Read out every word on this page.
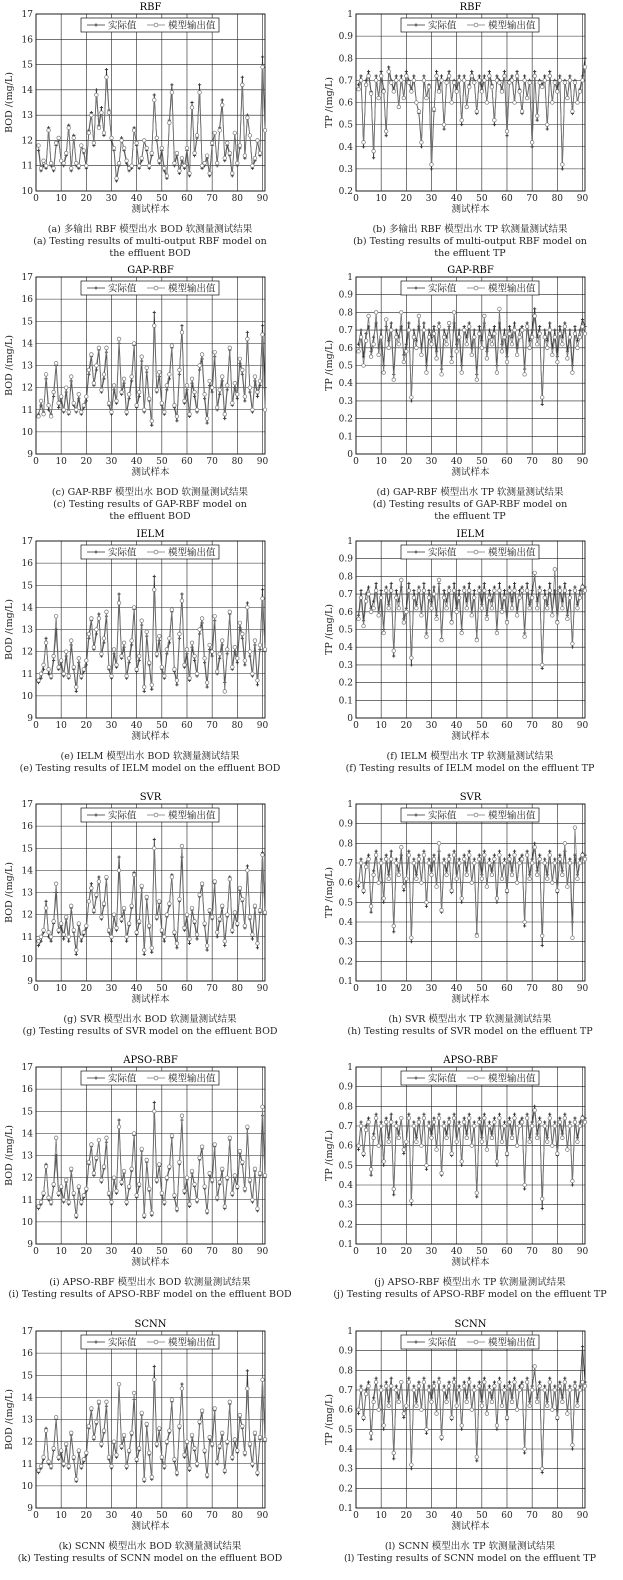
RBF
10
11
12
13
14
15
16
17
0 10 20 30 40 50 60 70 80 90
测试样本
BOD /(mg/L)
实际值	模型输出值
(a) 多输出 RBF 模型出水 BOD 软测量测试结果
(a) Testing results of multi-output RBF model on
the effluent BOD
RBF
0.2
0.3
0.4
0.5
0.6
0.7
0.8
0.9
1
0 10 20 30 40 50 60 70 80 90
测试样本
TP /(mg/L)
实际值	模型输出值
(b) 多输出 RBF 模型出水 TP 软测量测试结果
(b) Testing results of multi-output RBF model on
the effluent TP
GAP-RBF
9
10
11
12
13
14
15
16
17
0 10 20 30 40 50 60 70 80 90
测试样本
BOD /(mg/L)
实际值	模型输出值
(c) GAP-RBF 模型出水 BOD 软测量测试结果
(c) Testing results of GAP-RBF model on
the effluent BOD
GAP-RBF
0
0.1
0.2
0.3
0.4
0.5
0.6
0.7
0.8
0.9
1
0 10 20 30 40 50 60 70 80 90
测试样本
TP /(mg/L)
实际值	模型输出值
(d) GAP-RBF 模型出水 TP 软测量测试结果
(d) Testing results of GAP-RBF model on
the effluent TP
IELM
9
10
11
12
13
14
15
16
17
0 10 20 30 40 50 60 70 80 90
测试样本
BOD /(mg/L)
实际值	模型输出值
(e) IELM 模型出水 BOD 软测量测试结果
(e) Testing results of IELM model on the effluent BOD
IELM
0
0.1
0.2
0.3
0.4
0.5
0.6
0.7
0.8
0.9
1
0 10 20 30 40 50 60 70 80 90
测试样本
TP /(mg/L)
实际值	模型输出值
(f) IELM 模型出水 TP 软测量测试结果
(f) Testing results of IELM model on the effluent TP
SVR
9
10
11
12
13
14
15
16
17
0 10 20 30 40 50 60 70 80 90
测试样本
BOD /(mg/L)
实际值	模型输出值
(g) SVR 模型出水 BOD 软测量测试结果
(g) Testing results of SVR model on the effluent BOD
SVR
0.1
0.2
0.3
0.4
0.5
0.6
0.7
0.8
0.9
1
0 10 20 30 40 50 60 70 80 90
测试样本
TP /(mg/L)
实际值	模型输出值
(h) SVR 模型出水 TP 软测量测试结果
(h) Testing results of SVR model on the effluent TP
APSO-RBF
9
10
11
12
13
14
15
16
17
0 10 20 30 40 50 60 70 80 90
测试样本
BOD /(mg/L)
实际值	模型输出值
(i) APSO-RBF 模型出水 BOD 软测量测试结果
(i) Testing results of APSO-RBF model on the effluent BOD
APSO-RBF
0.1
0.2
0.3
0.4
0.5
0.6
0.7
0.8
0.9
1
0 10 20 30 40 50 60 70 80 90
测试样本
TP /(mg/L)
实际值	模型输出值
(j) APSO-RBF 模型出水 TP 软测量测试结果
(j) Testing results of APSO-RBF model on the effluent TP
SCNN
9
10
11
12
13
14
15
16
17
0 10 20 30 40 50 60 70 80 90
测试样本
BOD /(mg/L)
实际值	模型输出值
(k) SCNN 模型出水 BOD 软测量测试结果
(k) Testing results of SCNN model on the effluent BOD
SCNN
0.1
0.2
0.3
0.4
0.5
0.6
0.7
0.8
0.9
1
0 10 20 30 40 50 60 70 80 90
测试样本
TP /(mg/L)
实际值	模型输出值
(l) SCNN 模型出水 TP 软测量测试结果
(l) Testing results of SCNN model on the effluent TP
